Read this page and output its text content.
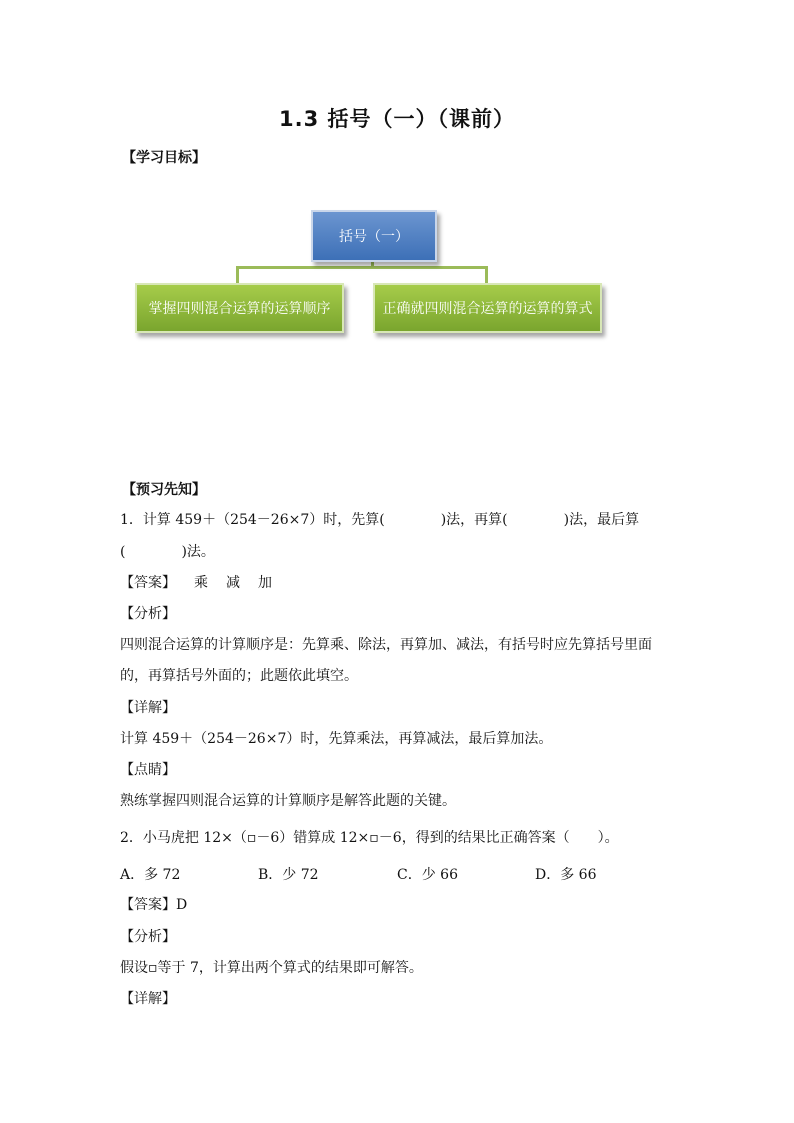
1.3 括号（一）（课前）
【学习目标】
括号（一）
掌握四则混合运算的运算顺序	正确就四则混合运算的运算的算式
【预习先知】
1．计算 459＋（254－26×7）时，先算(　　　　)法，再算(　　　　)法，最后算
(　　　　)法。
【答案】 乘 减 加
【分析】
四则混合运算的计算顺序是：先算乘、除法，再算加、减法，有括号时应先算括号里面
的，再算括号外面的；此题依此填空。
【详解】
计算 459＋（254－26×7）时，先算乘法，再算减法，最后算加法。
【点睛】
熟练掌握四则混合运算的计算顺序是解答此题的关键。
2．小马虎把 12×（▫－6）错算成 12×▫－6，得到的结果比正确答案（　　）。
A．多 72	B．少 72	C．少 66	D．多 66
【答案】D
【分析】
假设▫等于 7，计算出两个算式的结果即可解答。
【详解】
